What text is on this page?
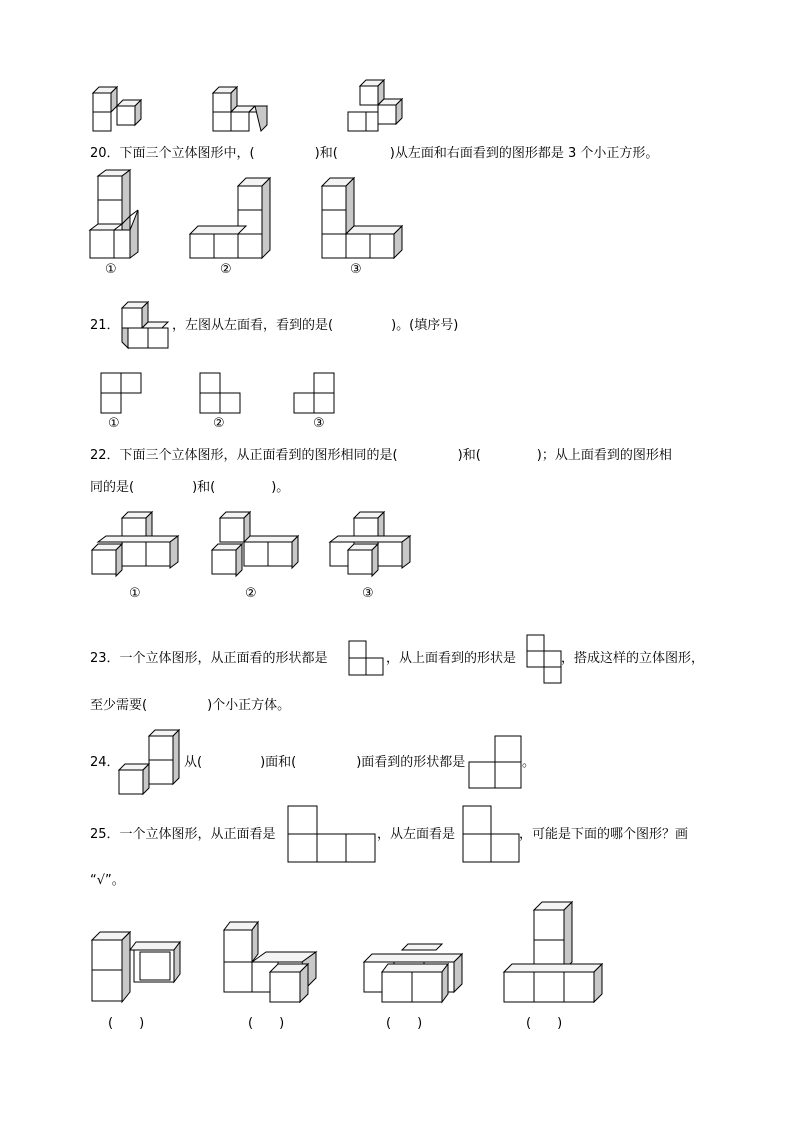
20．下面三个立体图形中，(	)和(	)从左面和右面看到的图形都是 3 个小正方形。
①	②	③
21．	，左图从左面看，看到的是(	)。(填序号)
①	②	③
22．下面三个立体图形，从正面看到的图形相同的是(	)和(	)；从上面看到的图形相
同的是(	)和(	)。
①	②	③
23．一个立体图形，从正面看的形状都是	，从上面看到的形状是	，搭成这样的立体图形，
至少需要(	)个小正方体。
24．	从(	)面和(	)面看到的形状都是	。
25．一个立体图形，从正面看是	，从左面看是	，可能是下面的哪个图形？画
“√”。
(　　)	(　　)	(　　)	(　　)
